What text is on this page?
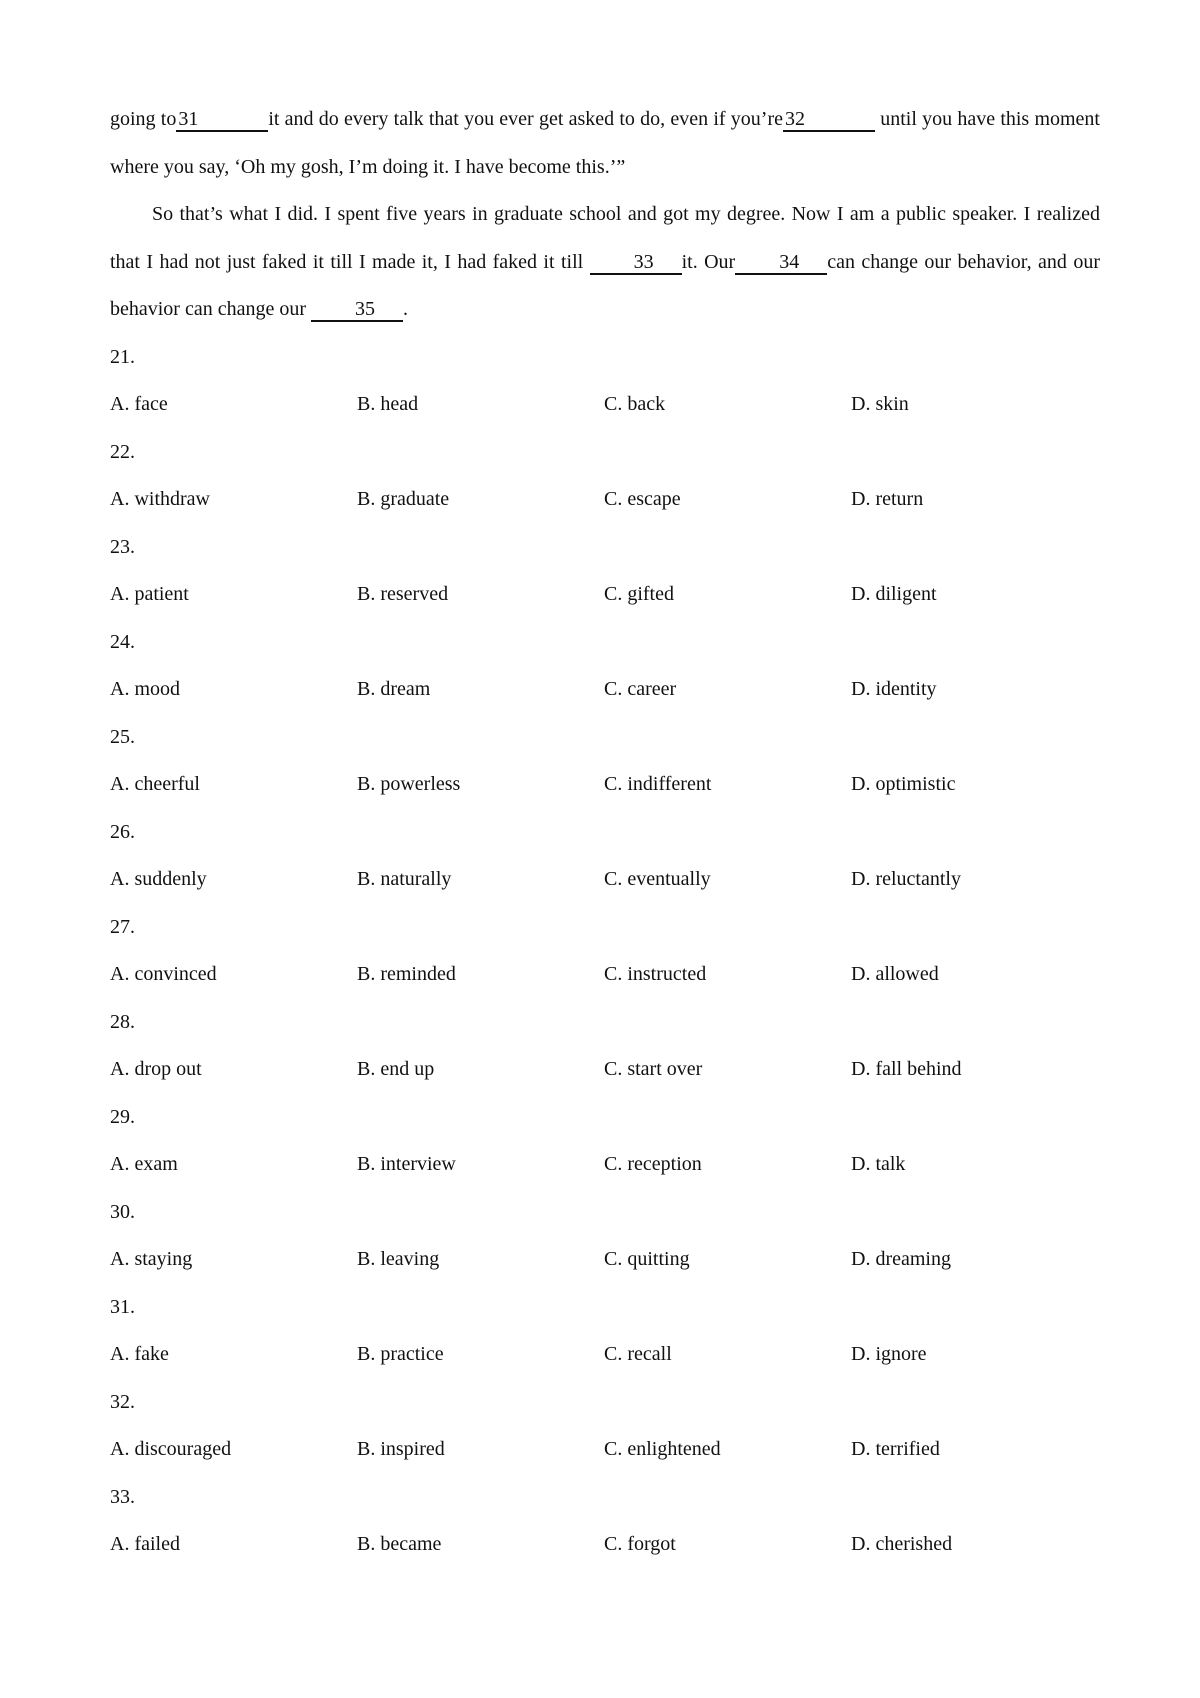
going to 31	it and do every talk that you ever get asked to do, even if you’re 32	until you have this moment where you say, ‘Oh my gosh, I’m doing it. I have become this.’”

So that’s what I did. I spent five years in graduate school and got my degree. Now I am a public speaker. I realized that I had not just faked it till I made it, I had faked it till 33 it. Our 34 can change our behavior, and our behavior can change our 35 .

21.
A. face	B. head	C. back	D. skin
22.
A. withdraw	B. graduate	C. escape	D. return
23.
A. patient	B. reserved	C. gifted	D. diligent
24.
A. mood	B. dream	C. career	D. identity
25.
A. cheerful	B. powerless	C. indifferent	D. optimistic
26.
A. suddenly	B. naturally	C. eventually	D. reluctantly
27.
A. convinced	B. reminded	C. instructed	D. allowed
28.
A. drop out	B. end up	C. start over	D. fall behind
29.
A. exam	B. interview	C. reception	D. talk
30.
A. staying	B. leaving	C. quitting	D. dreaming
31.
A. fake	B. practice	C. recall	D. ignore
32.
A. discouraged	B. inspired	C. enlightened	D. terrified
33.
A. failed	B. became	C. forgot	D. cherished
